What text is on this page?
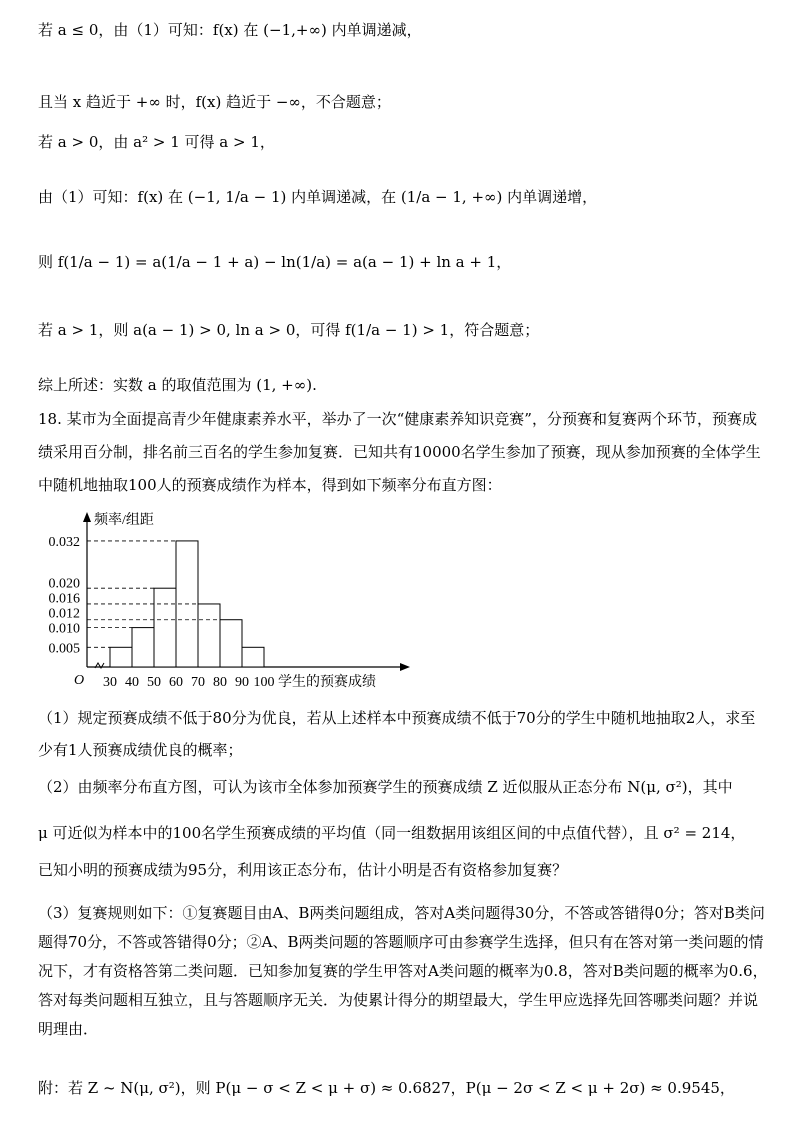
若 a ≤ 0，由（1）可知：f(x) 在 (−1,+∞) 内单调递减，
且当 x 趋近于 +∞ 时，f(x) 趋近于 −∞，不合题意；
若 a > 0，由 a² > 1 可得 a > 1，
由（1）可知：f(x) 在 (−1, 1/a − 1) 内单调递减，在 (1/a − 1, +∞) 内单调递增，
则 f(1/a − 1) = a(1/a − 1 + a) − ln(1/a) = a(a − 1) + ln a + 1，
若 a > 1，则 a(a − 1) > 0, ln a > 0，可得 f(1/a − 1) > 1，符合题意；
综上所述：实数 a 的取值范围为 (1, +∞).
18. 某市为全面提高青少年健康素养水平，举办了一次“健康素养知识竞赛”，分预赛和复赛两个环节，预赛成绩采用百分制，排名前三百名的学生参加复赛．已知共有10000名学生参加了预赛，现从参加预赛的全体学生中随机地抽取100人的预赛成绩作为样本，得到如下频率分布直方图：
频率/组距
O
0.005
0.010
0.012
0.016
0.020
0.032
30 40 50 60 70 80 90 100 学生的预赛成绩
（1）规定预赛成绩不低于80分为优良，若从上述样本中预赛成绩不低于70分的学生中随机地抽取2人，求至少有1人预赛成绩优良的概率；
（2）由频率分布直方图，可认为该市全体参加预赛学生的预赛成绩 Z 近似服从正态分布 N(μ, σ²)，其中
μ 可近似为样本中的100名学生预赛成绩的平均值（同一组数据用该组区间的中点值代替），且 σ² = 214，
已知小明的预赛成绩为95分，利用该正态分布，估计小明是否有资格参加复赛？
（3）复赛规则如下：①复赛题目由A、B两类问题组成，答对A类问题得30分，不答或答错得0分；答对B类问题得70分，不答或答错得0分；②A、B两类问题的答题顺序可由参赛学生选择，但只有在答对第一类问题的情况下，才有资格答第二类问题．已知参加复赛的学生甲答对A类问题的概率为0.8，答对B类问题的概率为0.6，答对每类问题相互独立，且与答题顺序无关．为使累计得分的期望最大，学生甲应选择先回答哪类问题？并说明理由．
附：若 Z ~ N(μ, σ²)，则 P(μ − σ < Z < μ + σ) ≈ 0.6827，P(μ − 2σ < Z < μ + 2σ) ≈ 0.9545，
